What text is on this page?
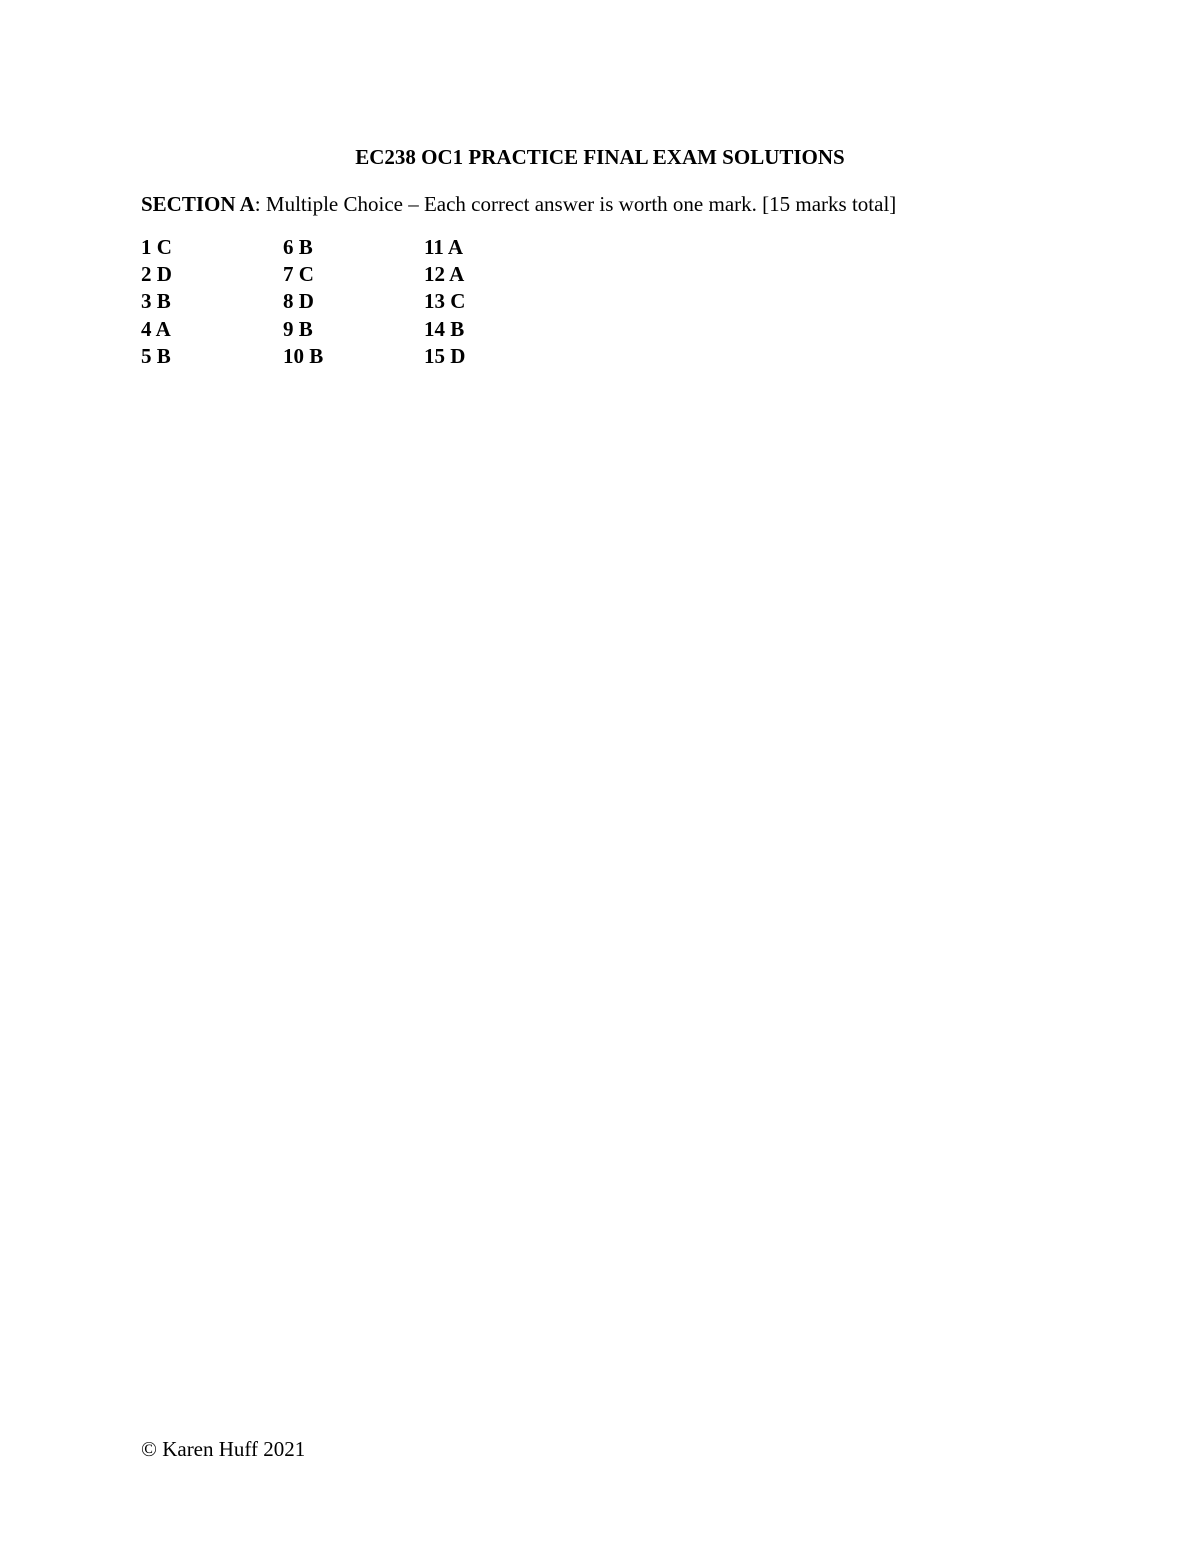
EC238 OC1 PRACTICE FINAL EXAM SOLUTIONS
SECTION A: Multiple Choice – Each correct answer is worth one mark. [15 marks total]
1 C	6 B	11 A
2 D	7 C	12 A
3 B	8 D	13 C
4 A	9 B	14 B
5 B	10 B	15 D
© Karen Huff 2021
